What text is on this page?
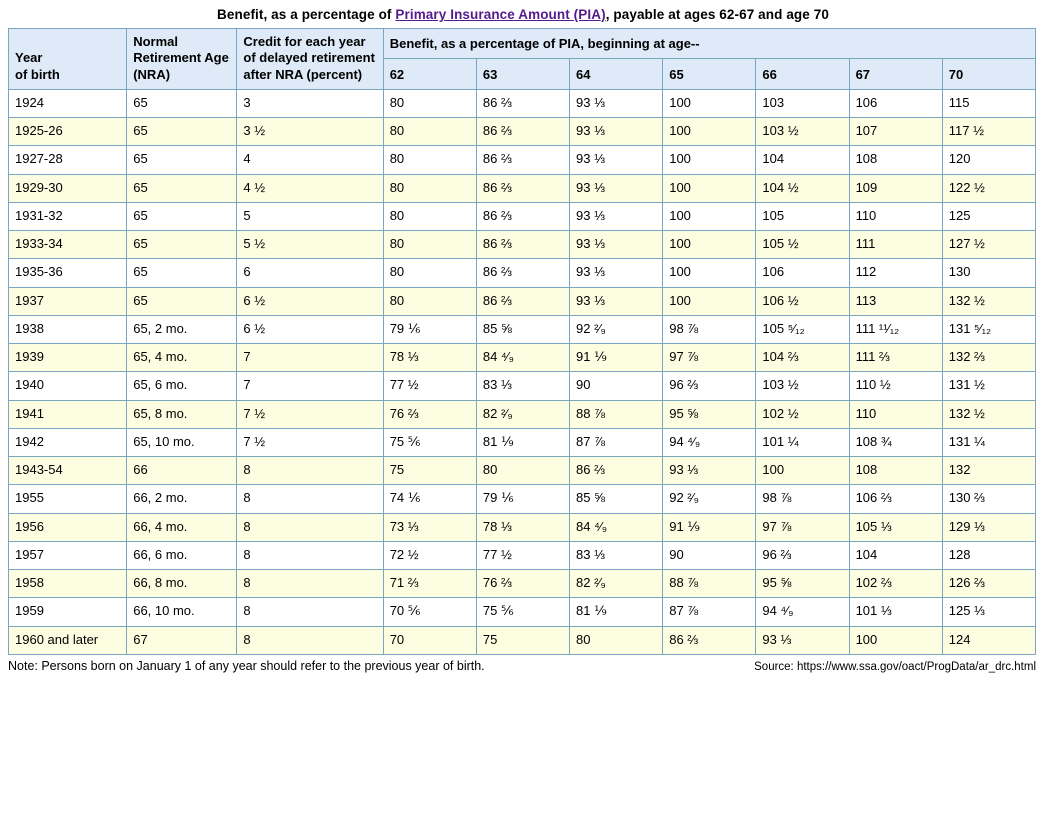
Benefit, as a percentage of Primary Insurance Amount (PIA), payable at ages 62-67 and age 70
Year
of birth	Normal Retirement Age (NRA)	Credit for each year of delayed retirement after NRA (percent)	Benefit, as a percentage of PIA, beginning at age--						
			62	63	64	65	66	67	70
1924	65	3	80	86 ⅔	93 ⅓	100	103	106	115
1925-26	65	3 ½	80	86 ⅔	93 ⅓	100	103 ½	107	117 ½
1927-28	65	4	80	86 ⅔	93 ⅓	100	104	108	120
1929-30	65	4 ½	80	86 ⅔	93 ⅓	100	104 ½	109	122 ½
1931-32	65	5	80	86 ⅔	93 ⅓	100	105	110	125
1933-34	65	5 ½	80	86 ⅔	93 ⅓	100	105 ½	111	127 ½
1935-36	65	6	80	86 ⅔	93 ⅓	100	106	112	130
1937	65	6 ½	80	86 ⅔	93 ⅓	100	106 ½	113	132 ½
1938	65, 2 mo.	6 ½	79 ⅙	85 ⅝	92 ²⁄₉	98 ⅞	105 ⁵⁄₁₂	111 ¹¹⁄₁₂	131 ⁵⁄₁₂
1939	65, 4 mo.	7	78 ⅓	84 ⁴⁄₉	91 ⅑	97 ⅞	104 ⅔	111 ⅔	132 ⅔
1940	65, 6 mo.	7	77 ½	83 ⅓	90	96 ⅔	103 ½	110 ½	131 ½
1941	65, 8 mo.	7 ½	76 ⅔	82 ²⁄₉	88 ⅞	95 ⅝	102 ½	110	132 ½
1942	65, 10 mo.	7 ½	75 ⅚	81 ⅑	87 ⅞	94 ⁴⁄₉	101 ¼	108 ¾	131 ¼
1943-54	66	8	75	80	86 ⅔	93 ⅓	100	108	132
1955	66, 2 mo.	8	74 ⅙	79 ⅙	85 ⅝	92 ²⁄₉	98 ⅞	106 ⅔	130 ⅔
1956	66, 4 mo.	8	73 ⅓	78 ⅓	84 ⁴⁄₉	91 ⅑	97 ⅞	105 ⅓	129 ⅓
1957	66, 6 mo.	8	72 ½	77 ½	83 ⅓	90	96 ⅔	104	128
1958	66, 8 mo.	8	71 ⅔	76 ⅔	82 ²⁄₉	88 ⅞	95 ⅝	102 ⅔	126 ⅔
1959	66, 10 mo.	8	70 ⅚	75 ⅚	81 ⅑	87 ⅞	94 ⁴⁄₉	101 ⅓	125 ⅓
1960 and later	67	8	70	75	80	86 ⅔	93 ⅓	100	124
Note: Persons born on January 1 of any year should refer to the previous year of birth.	Source: https://www.ssa.gov/oact/ProgData/ar_drc.html
